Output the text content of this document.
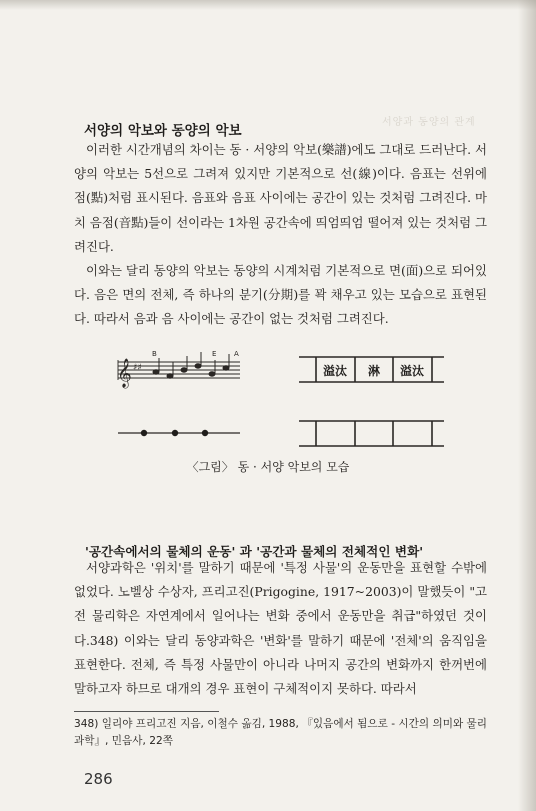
서양과 동양의 관계
서양의 악보와 동양의 악보

이러한 시간개념의 차이는 동 · 서양의 악보(樂譜)에도 그대로 드러난다. 서양의 악보는 5선으로 그려져 있지만 기본적으로 선(線)이다. 음표는 선위에 점(點)처럼 표시된다. 음표와 음표 사이에는 공간이 있는 것처럼 그려진다. 마치 음점(音點)들이 선이라는 1차원 공간속에 띄엄띄엄 떨어져 있는 것처럼 그려진다.

이와는 달리 동양의 악보는 동양의 시계처럼 기본적으로 면(面)으로 되어있다. 음은 면의 전체, 즉 하나의 분기(分期)를 꽉 채우고 있는 모습으로 표현된다. 따라서 음과 음 사이에는 공간이 없는 것처럼 그려진다.

𝄞 ♯♯
B	E	A
溢汰 淋 溢汰

〈그림〉 동 · 서양 악보의 모습

'공간속에서의 물체의 운동' 과 '공간과 물체의 전체적인 변화'

서양과학은 '위치'를 말하기 때문에 '특정 사물'의 운동만을 표현할 수밖에 없었다. 노벨상 수상자, 프리고진(Prigogine, 1917~2003)이 말했듯이 "고전 물리학은 자연계에서 일어나는 변화 중에서 운동만을 취급"하였던 것이다.348) 이와는 달리 동양과학은 '변화'를 말하기 때문에 '전체'의 움직임을 표현한다. 전체, 즉 특정 사물만이 아니라 나머지 공간의 변화까지 한꺼번에 말하고자 하므로 대개의 경우 표현이 구체적이지 못하다. 따라서

348) 일리야 프리고진 지음, 이철수 옮김, 1988, 『있음에서 됨으로 - 시간의 의미와 물리과학』, 민음사, 22쪽

286
